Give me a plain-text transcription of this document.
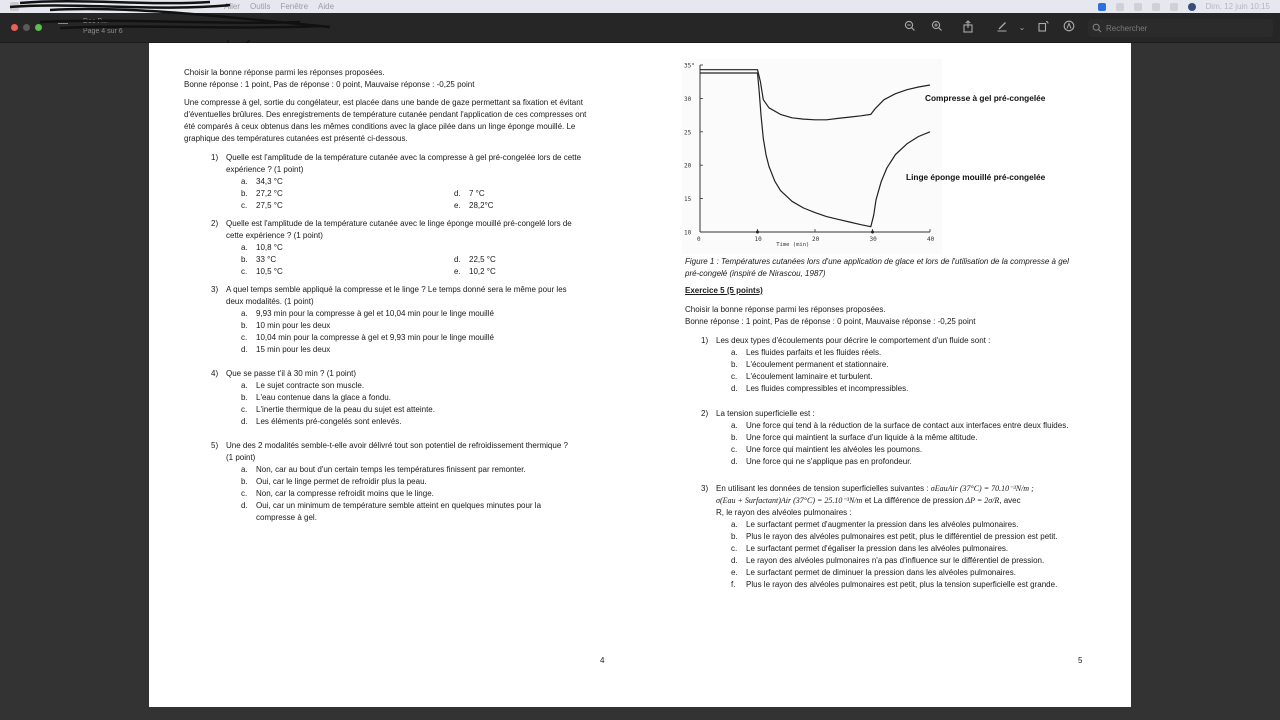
Aller Outils Fenêtre Aide	Dim. 12 juin 10:15
Doc P...
Page 4 sur 6	⌄
Rechercher
Choisir la bonne réponse parmi les réponses proposées.
Bonne réponse : 1 point, Pas de réponse : 0 point, Mauvaise réponse : -0,25 point
Une compresse à gel, sortie du congélateur, est placée dans une bande de gaze permettant sa fixation et évitant
d'éventuelles brûlures. Des enregistrements de température cutanée pendant l'application de ces compresses ont
été comparés à ceux obtenus dans les mêmes conditions avec la glace pilée dans un linge éponge mouillé. Le
graphique des températures cutanées est présenté ci-dessous.
1) Quelle est l'amplitude de la température cutanée avec la compresse à gel pré-congelée lors de cette
expérience ? (1 point)
a.	34,3 °C
b.	27,2 °C	d.	7 °C
c.	27,5 °C	e.	28,2°C
2) Quelle est l'amplitude de la température cutanée avec le linge éponge mouillé pré-congelé lors de
cette expérience ? (1 point)
a.	10,8 °C
b.	33 °C	d.	22,5 °C
c.	10,5 °C	e.	10,2 °C
3) A quel temps semble appliqué la compresse et le linge ? Le temps donné sera le même pour les
deux modalités. (1 point)
a.	9,93 min pour la compresse à gel et 10,04 min pour le linge mouillé
b.	10 min pour les deux
c.	10,04 min pour la compresse à gel et 9,93 min pour le linge mouillé
d.	15 min pour les deux
4) Que se passe t'il à 30 min ? (1 point)
a.	Le sujet contracte son muscle.
b.	L'eau contenue dans la glace a fondu.
c.	L'inertie thermique de la peau du sujet est atteinte.
d.	Les éléments pré-congelés sont enlevés.
5) Une des 2 modalités semble-t-elle avoir délivré tout son potentiel de refroidissement thermique ?
(1 point)
a.	Non, car au bout d'un certain temps les températures finissent par remonter.
b.	Oui, car le linge permet de refroidir plus la peau.
c.	Non, car la compresse refroidit moins que le linge.
d.	Oui, car un minimum de température semble atteint en quelques minutes pour la
compresse à gel.
4
10
15
20
25
30
35°
0	10	20	30	40
Time (min)
Compresse à gel pré-congelée
Linge éponge mouillé pré-congelée
Figure 1 : Températures cutanées lors d'une application de glace et lors de l'utilisation de la compresse à gel
pré-congelé (inspiré de Nirascou, 1987)
Exercice 5 (5 points)
Choisir la bonne réponse parmi les réponses proposées.
Bonne réponse : 1 point, Pas de réponse : 0 point, Mauvaise réponse : -0,25 point
1) Les deux types d'écoulements pour décrire le comportement d'un fluide sont :
a.	Les fluides parfaits et les fluides réels.
b.	L'écoulement permanent et stationnaire.
c.	L'écoulement laminaire et turbulent.
d.	Les fluides compressibles et incompressibles.
2) La tension superficielle est :
a.	Une force qui tend à la réduction de la surface de contact aux interfaces entre deux fluides.
b.	Une force qui maintient la surface d'un liquide à la même altitude.
c.	Une force qui maintient les alvéoles les poumons.
d.	Une force qui ne s'applique pas en profondeur.
3) En utilisant les données de tension superficielles suivantes : σEauAir (37°C) = 70.10⁻³N/m ;
σ(Eau + Surfactant)Air (37°C) = 25.10⁻³N/m et La différence de pression ΔP = 2σ/R, avec
R, le rayon des alvéoles pulmonaires :
a.	Le surfactant permet d'augmenter la pression dans les alvéoles pulmonaires.
b.	Plus le rayon des alvéoles pulmonaires est petit, plus le différentiel de pression est petit.
c.	Le surfactant permet d'égaliser la pression dans les alvéoles pulmonaires.
d.	Le rayon des alvéoles pulmonaires n'a pas d'influence sur le différentiel de pression.
e.	Le surfactant permet de diminuer la pression dans les alvéoles pulmonaires.
f.	Plus le rayon des alvéoles pulmonaires est petit, plus la tension superficielle est grande.
5
